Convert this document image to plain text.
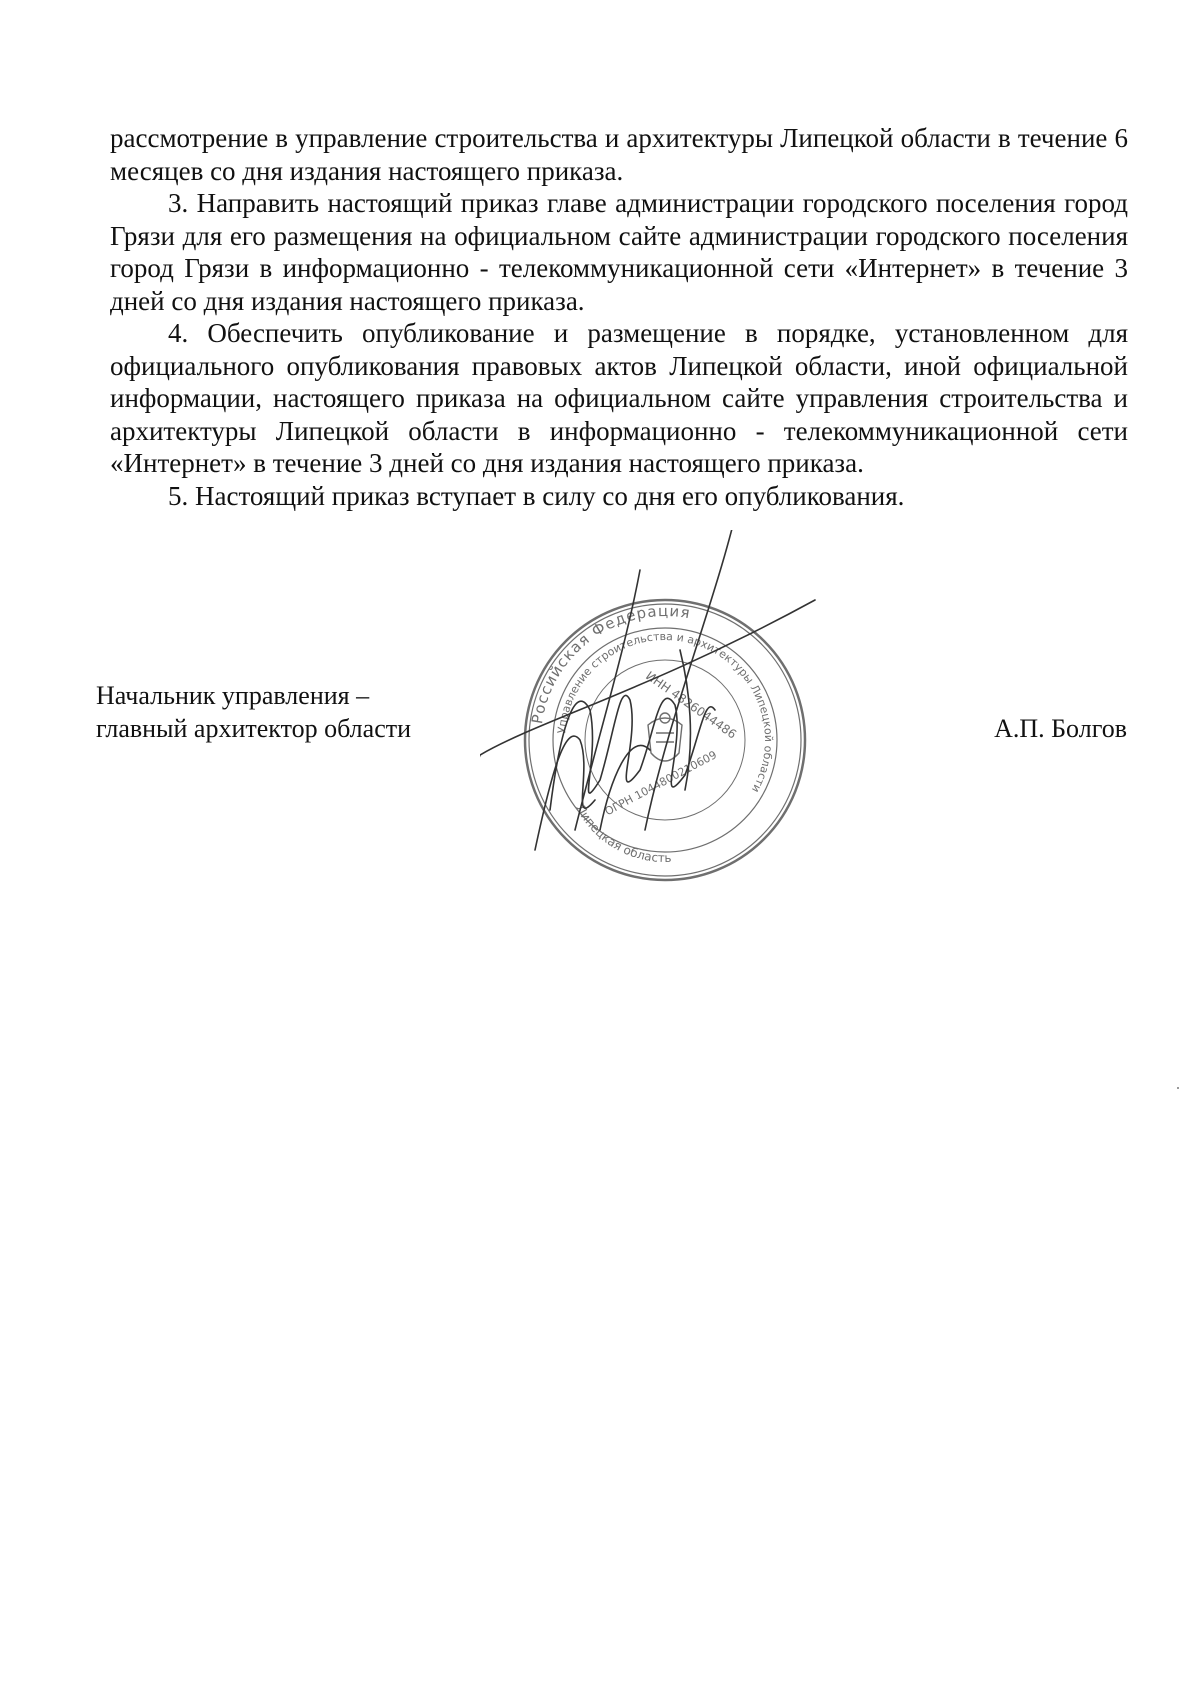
рассмотрение в управление строительства и архитектуры Липецкой области в течение 6 месяцев со дня издания настоящего приказа.

3. Направить настоящий приказ главе администрации городского поселения город Грязи для его размещения на официальном сайте администрации городского поселения город Грязи в информационно - телекоммуникационной сети «Интернет» в течение 3 дней со дня издания настоящего приказа.

4. Обеспечить опубликование и размещение в порядке, установленном для официального опубликования правовых актов Липецкой области, иной официальной информации, настоящего приказа на официальном сайте управления строительства и архитектуры Липецкой области в информационно - телекоммуникационной сети «Интернет» в течение 3 дней со дня издания настоящего приказа.

5. Настоящий приказ вступает в силу со дня его опубликования.

Начальник управления –
главный архитектор области	А.П. Болгов
Российская Федерация
Управление строительства и архитектуры Липецкой области
Липецкая область
ИНН 4826044486
ОГРН 1044800210609
